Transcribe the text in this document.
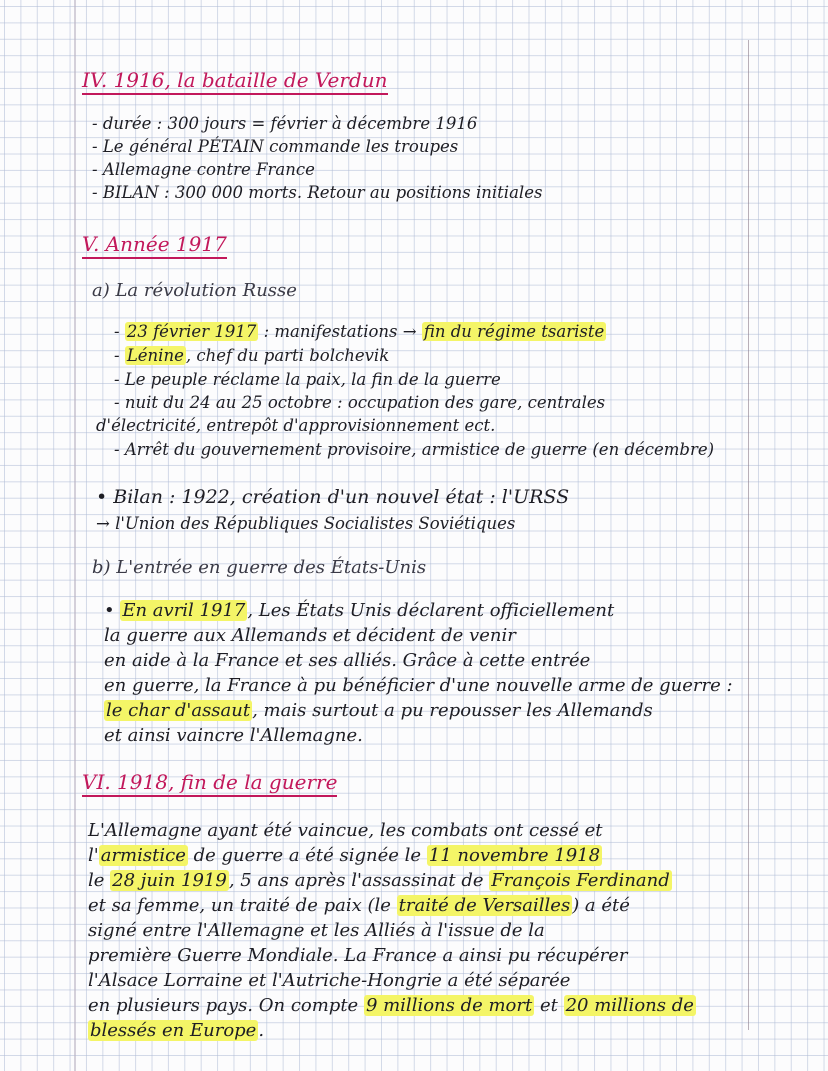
IV. 1916, la bataille de Verdun
- durée : 300 jours = février à décembre 1916
- Le général PÉTAIN commande les troupes
- Allemagne contre France
- BILAN : 300 000 morts. Retour au positions initiales
V. Année 1917
a) La révolution Russe
- 23 février 1917 : manifestations → fin du régime tsariste
- Lénine , chef du parti bolchevik
- Le peuple réclame la paix, la fin de la guerre
- nuit du 24 au 25 octobre : occupation des gare, centrales
d'électricité, entrepôt d'approvisionnement ect.
- Arrêt du gouvernement provisoire, armistice de guerre (en décembre)
• Bilan : 1922, création d'un nouvel état : l'URSS
→ l'Union des Républiques Socialistes Soviétiques
b) L'entrée en guerre des États-Unis
• En avril 1917 , Les États Unis déclarent officiellement
la guerre aux Allemands et décident de venir
en aide à la France et ses alliés. Grâce à cette entrée
en guerre, la France à pu bénéficier d'une nouvelle arme de guerre :
le char d'assaut , mais surtout a pu repousser les Allemands
et ainsi vaincre l'Allemagne.
VI. 1918, fin de la guerre
L'Allemagne ayant été vaincue, les combats ont cessé et
l' armistice de guerre a été signée le 11 novembre 1918
le 28 juin 1919 , 5 ans après l'assassinat de François Ferdinand
et sa femme, un traité de paix (le traité de Versailles ) a été
signé entre l'Allemagne et les Alliés à l'issue de la
première Guerre Mondiale. La France a ainsi pu récupérer
l'Alsace Lorraine et l'Autriche-Hongrie a été séparée
en plusieurs pays. On compte 9 millions de mort et 20 millions de
blessés en Europe .
